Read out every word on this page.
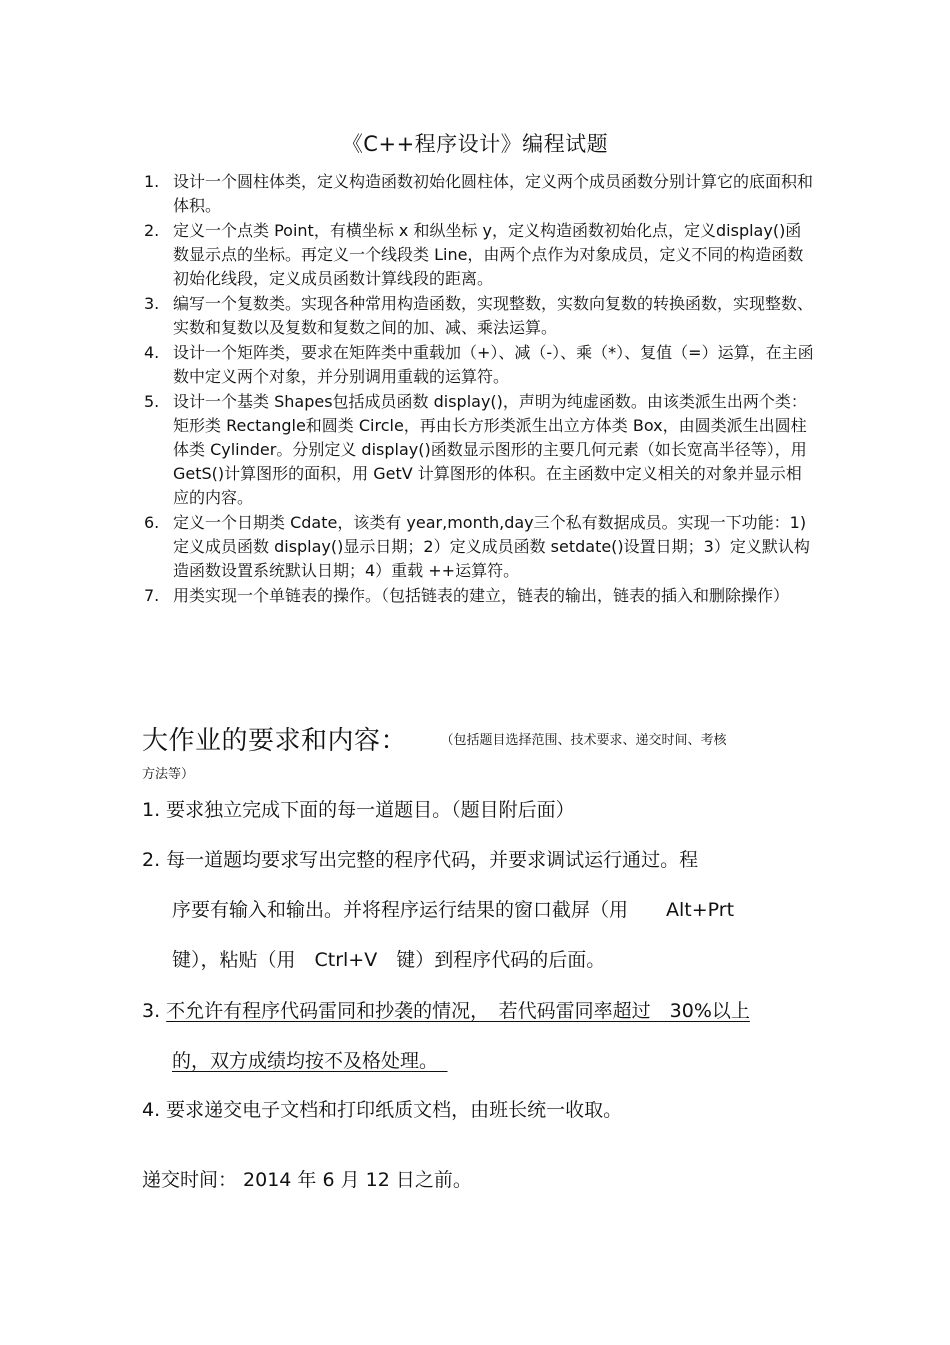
《C++程序设计》编程试题
1. 设计一个圆柱体类，定义构造函数初始化圆柱体，定义两个成员函数分别计算它的底面积和体积。
2. 定义一个点类 Point，有横坐标 x 和纵坐标 y，定义构造函数初始化点，定义display()函数显示点的坐标。再定义一个线段类 Line，由两个点作为对象成员，定义不同的构造函数初始化线段，定义成员函数计算线段的距离。
3. 编写一个复数类。实现各种常用构造函数，实现整数，实数向复数的转换函数，实现整数、实数和复数以及复数和复数之间的加、减、乘法运算。
4. 设计一个矩阵类，要求在矩阵类中重载加（+）、减（-）、乘（*）、复值（=）运算，在主函数中定义两个对象，并分别调用重载的运算符。
5. 设计一个基类 Shapes包括成员函数 display()，声明为纯虚函数。由该类派生出两个类：矩形类 Rectangle和圆类 Circle，再由长方形类派生出立方体类 Box，由圆类派生出圆柱体类 Cylinder。分别定义 display()函数显示图形的主要几何元素（如长宽高半径等），用 GetS()计算图形的面积，用 GetV 计算图形的体积。在主函数中定义相关的对象并显示相应的内容。
6. 定义一个日期类 Cdate，该类有 year,month,day三个私有数据成员。实现一下功能：1)定义成员函数 display()显示日期；2）定义成员函数 setdate()设置日期；3）定义默认构造函数设置系统默认日期；4）重载 ++运算符。
7. 用类实现一个单链表的操作。（包括链表的建立，链表的输出，链表的插入和删除操作）
大作业的要求和内容：	$^{(包括题目选择范围、技术要求、递交时间、考核}$
方法等）

1. 要求独立完成下面的每一道题目。（题目附后面）

2. 每一道题均要求写出完整的程序代码，并要求调试运行通过。程
序要有输入和输出。并将程序运行结果的窗口截屏（用　　Alt+Prt
键），粘贴（用　Ctrl+V　键）到程序代码的后面。

3. 不允许有程序代码雷同和抄袭的情况，　若代码雷同率超过　30%以上
的，双方成绩均按不及格处理。　

4. 要求递交电子文档和打印纸质文档，由班长统一收取。

递交时间： 2014 年 6 月 12 日之前。
